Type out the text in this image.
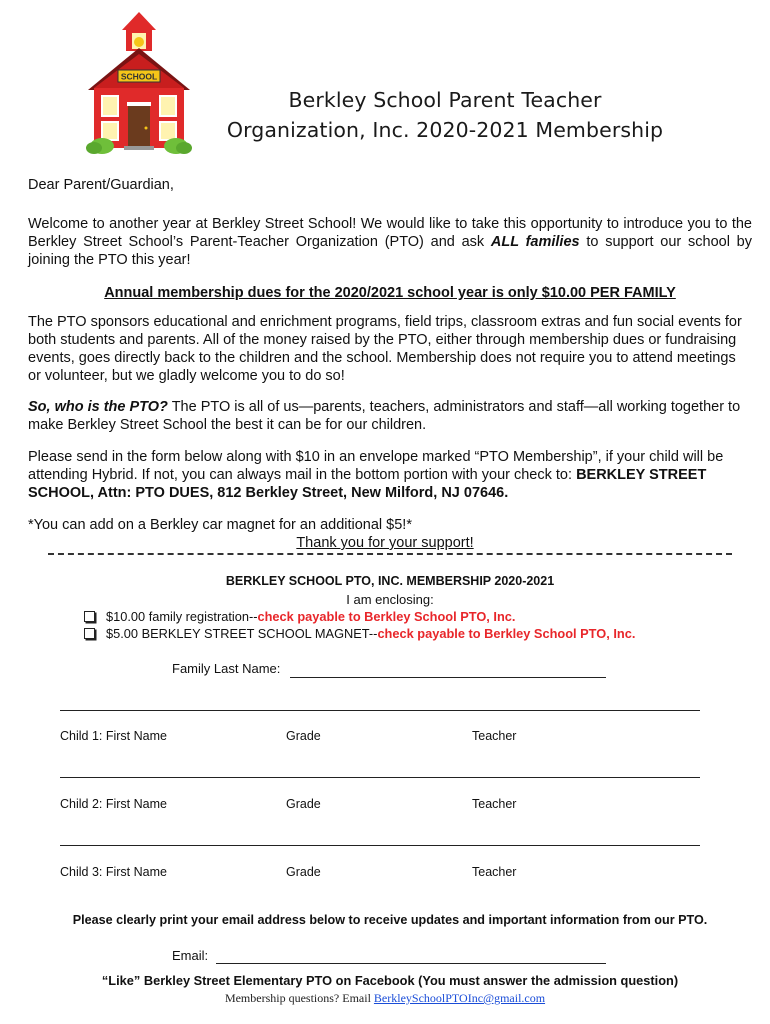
SCHOOL
Berkley School Parent Teacher
Organization, Inc. 2020-2021 Membership
Dear Parent/Guardian,
Welcome to another year at Berkley Street School! We would like to take this opportunity to introduce you to the Berkley Street School’s Parent-Teacher Organization (PTO) and ask ALL families to support our school by joining the PTO this year!
Annual membership dues for the 2020/2021 school year is only $10.00 PER FAMILY
The PTO sponsors educational and enrichment programs, field trips, classroom extras and fun social events for both students and parents. All of the money raised by the PTO, either through membership dues or fundraising events, goes directly back to the children and the school. Membership does not require you to attend meetings or volunteer, but we gladly welcome you to do so!
So, who is the PTO? The PTO is all of us—parents, teachers, administrators and staff—all working together to make Berkley Street School the best it can be for our children.
Please send in the form below along with $10 in an envelope marked “PTO Membership”, if your child will be attending Hybrid. If not, you can always mail in the bottom portion with your check to: BERKLEY STREET SCHOOL, Attn: PTO DUES, 812 Berkley Street, New Milford, NJ 07646.
*You can add on a Berkley car magnet for an additional $5!*
Thank you for your support!
BERKLEY SCHOOL PTO, INC. MEMBERSHIP 2020-2021
I am enclosing:
$10.00 family registration--check payable to Berkley School PTO, Inc.
$5.00 BERKLEY STREET SCHOOL MAGNET--check payable to Berkley School PTO, Inc.
Family Last Name:
Child 1: First Name	Grade	Teacher
Child 2: First Name	Grade	Teacher
Child 3: First Name	Grade	Teacher
Please clearly print your email address below to receive updates and important information from our PTO.
Email:
“Like” Berkley Street Elementary PTO on Facebook (You must answer the admission question)
Membership questions? Email BerkleySchoolPTOInc@gmail.com
